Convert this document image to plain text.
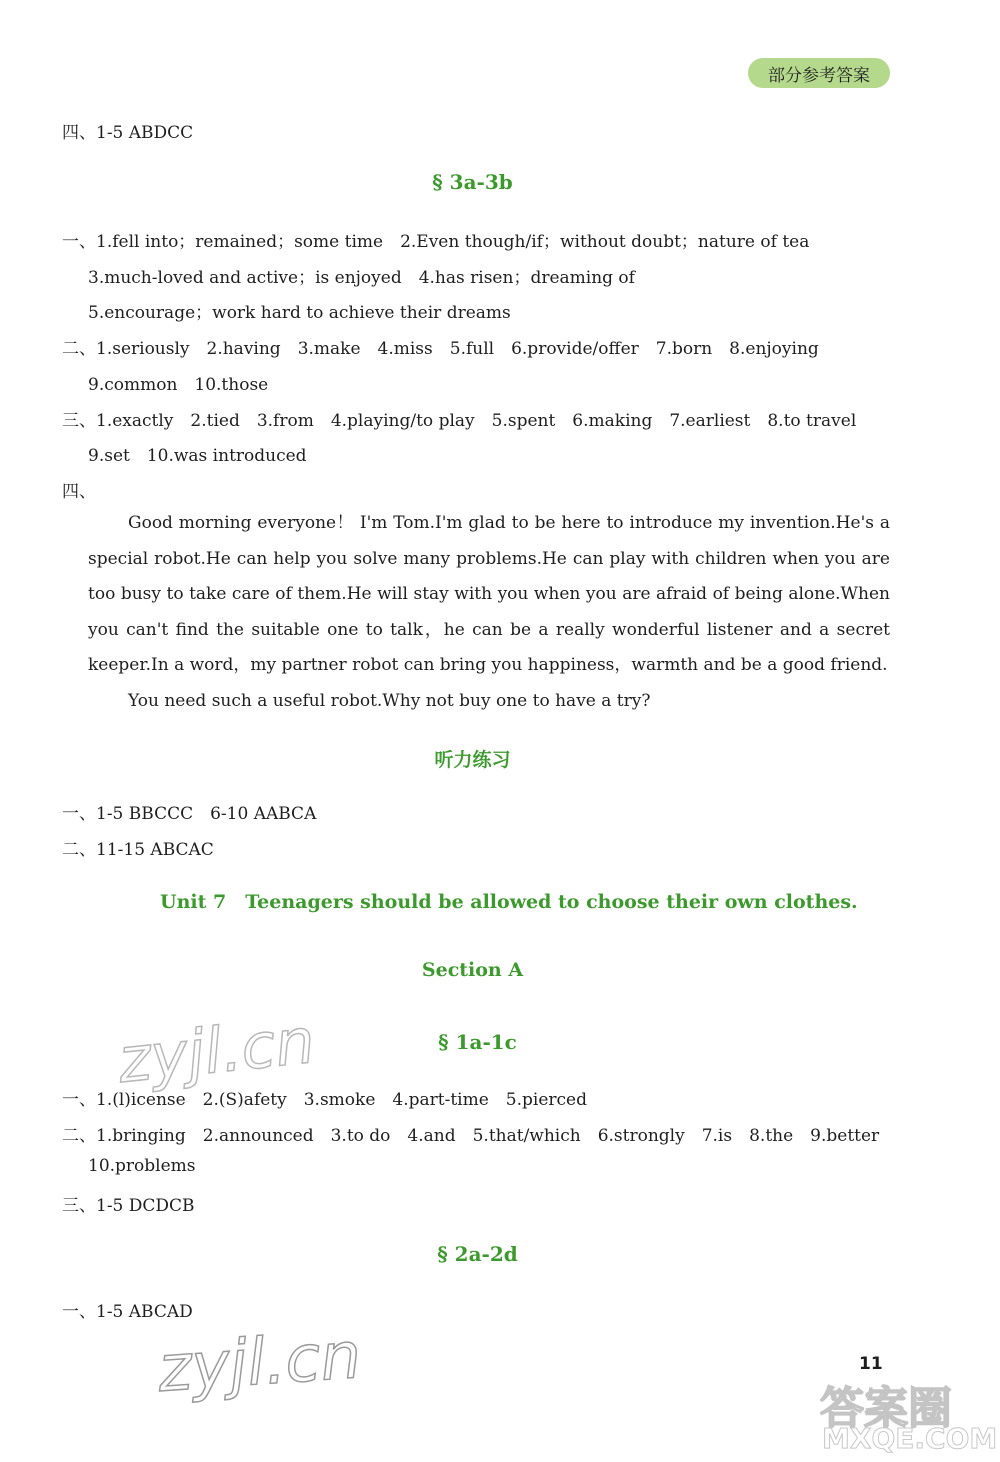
部分参考答案
四、1-5 ABDCC
§ 3a-3b
一、1.fell into；remained；some time　2.Even though/if；without doubt；nature of tea
3.much-loved and active；is enjoyed　4.has risen；dreaming of
5.encourage；work hard to achieve their dreams
二、1.seriously　2.having　3.make　4.miss　5.full　6.provide/offer　7.born　8.enjoying
9.common　10.those
三、1.exactly　2.tied　3.from　4.playing/to play　5.spent　6.making　7.earliest　8.to travel
9.set　10.was introduced
四、

Good morning everyone！ I'm Tom.I'm glad to be here to introduce my invention.He's a special robot.He can help you solve many problems.He can play with children when you are too busy to take care of them.He will stay with you when you are afraid of being alone.When you can't find the suitable one to talk，he can be a really wonderful listener and a secret keeper.In a word，my partner robot can bring you happiness，warmth and be a good friend.

You need such a useful robot.Why not buy one to have a try?

听力练习
一、1-5 BBCCC　6-10 AABCA
二、11-15 ABCAC
Unit 7　Teenagers should be allowed to choose their own clothes.
Section A
§ 1a-1c
一、1.(l)icense　2.(S)afety　3.smoke　4.part-time　5.pierced
二、1.bringing　2.announced　3.to do　4.and　5.that/which　6.strongly　7.is　8.the　9.better
10.problems
三、1-5 DCDCB
§ 2a-2d
一、1-5 ABCAD
zyjl.cn
zyjl.cn
答案圈
MXQE.COM
11
